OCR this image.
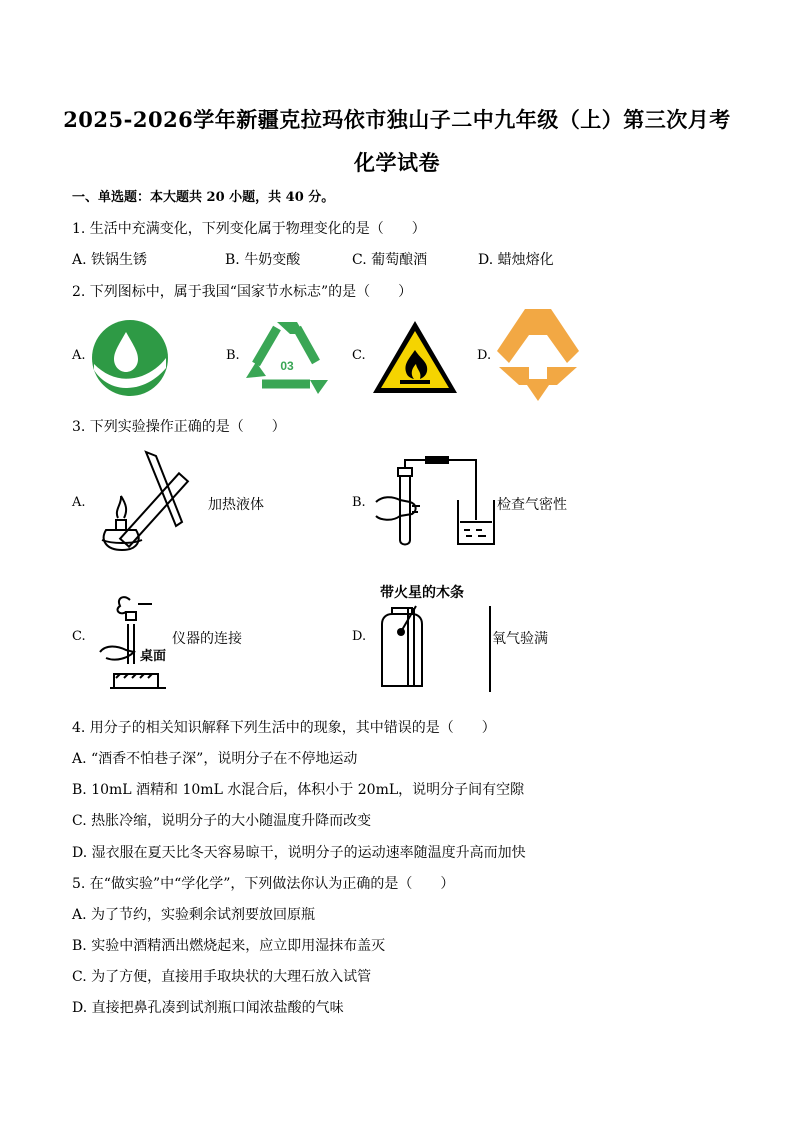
2025-2026学年新疆克拉玛依市独山子二中九年级（上）第三次月考
化学试卷
一、单选题：本大题共 20 小题，共 40 分。
1. 生活中充满变化，下列变化属于物理变化的是（　　）
A. 铁锅生锈	B. 牛奶变酸	C. 葡萄酿酒	D. 蜡烛熔化
2. 下列图标中，属于我国“国家节水标志”的是（　　）
A.	B.
03
C.	D.
3. 下列实验操作正确的是（　　）
A.	加热液体	B.	检查气密性
C.
桌面
仪器的连接	D.
带火星的木条
氧气验满
4. 用分子的相关知识解释下列生活中的现象，其中错误的是（　　）
A. “酒香不怕巷子深”，说明分子在不停地运动
B. 10mL 酒精和 10mL 水混合后，体积小于 20mL，说明分子间有空隙
C. 热胀冷缩，说明分子的大小随温度升降而改变
D. 湿衣服在夏天比冬天容易晾干，说明分子的运动速率随温度升高而加快
5. 在“做实验”中“学化学”，下列做法你认为正确的是（　　）
A. 为了节约，实验剩余试剂要放回原瓶
B. 实验中酒精洒出燃烧起来，应立即用湿抹布盖灭
C. 为了方便，直接用手取块状的大理石放入试管
D. 直接把鼻孔凑到试剂瓶口闻浓盐酸的气味
